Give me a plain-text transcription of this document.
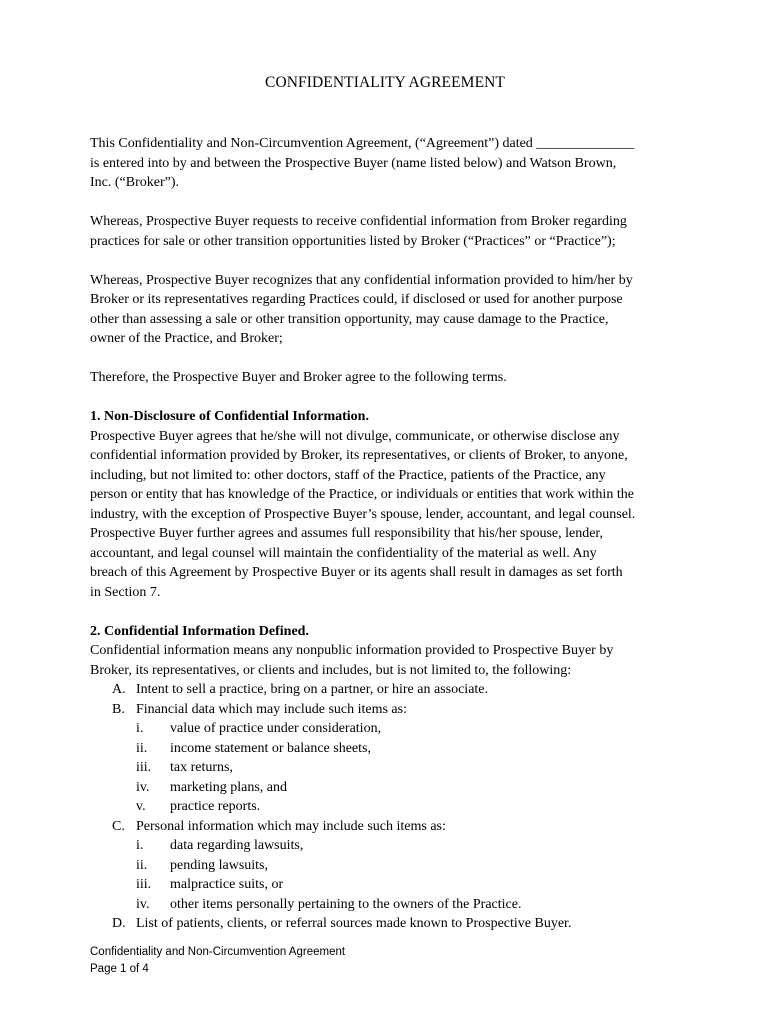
CONFIDENTIALITY AGREEMENT

This Confidentiality and Non-Circumvention Agreement, (“Agreement”) dated ______________
is entered into by and between the Prospective Buyer (name listed below) and Watson Brown,
Inc. (“Broker”).

Whereas, Prospective Buyer requests to receive confidential information from Broker regarding
practices for sale or other transition opportunities listed by Broker (“Practices” or “Practice”);

Whereas, Prospective Buyer recognizes that any confidential information provided to him/her by
Broker or its representatives regarding Practices could, if disclosed or used for another purpose
other than assessing a sale or other transition opportunity, may cause damage to the Practice,
owner of the Practice, and Broker;

Therefore, the Prospective Buyer and Broker agree to the following terms.

1. Non-Disclosure of Confidential Information.
Prospective Buyer agrees that he/she will not divulge, communicate, or otherwise disclose any
confidential information provided by Broker, its representatives, or clients of Broker, to anyone,
including, but not limited to: other doctors, staff of the Practice, patients of the Practice, any
person or entity that has knowledge of the Practice, or individuals or entities that work within the
industry, with the exception of Prospective Buyer’s spouse, lender, accountant, and legal counsel.
Prospective Buyer further agrees and assumes full responsibility that his/her spouse, lender,
accountant, and legal counsel will maintain the confidentiality of the material as well. Any
breach of this Agreement by Prospective Buyer or its agents shall result in damages as set forth
in Section 7.
2. Confidential Information Defined.
Confidential information means any nonpublic information provided to Prospective Buyer by
Broker, its representatives, or clients and includes, but is not limited to, the following:
A. Intent to sell a practice, bring on a partner, or hire an associate.
B. Financial data which may include such items as:
i. value of practice under consideration,
ii. income statement or balance sheets,
iii. tax returns,
iv. marketing plans, and
v. practice reports.
C. Personal information which may include such items as:
i. data regarding lawsuits,
ii. pending lawsuits,
iii. malpractice suits, or
iv. other items personally pertaining to the owners of the Practice.
D. List of patients, clients, or referral sources made known to Prospective Buyer.
Confidentiality and Non-Circumvention Agreement
Page 1 of 4
